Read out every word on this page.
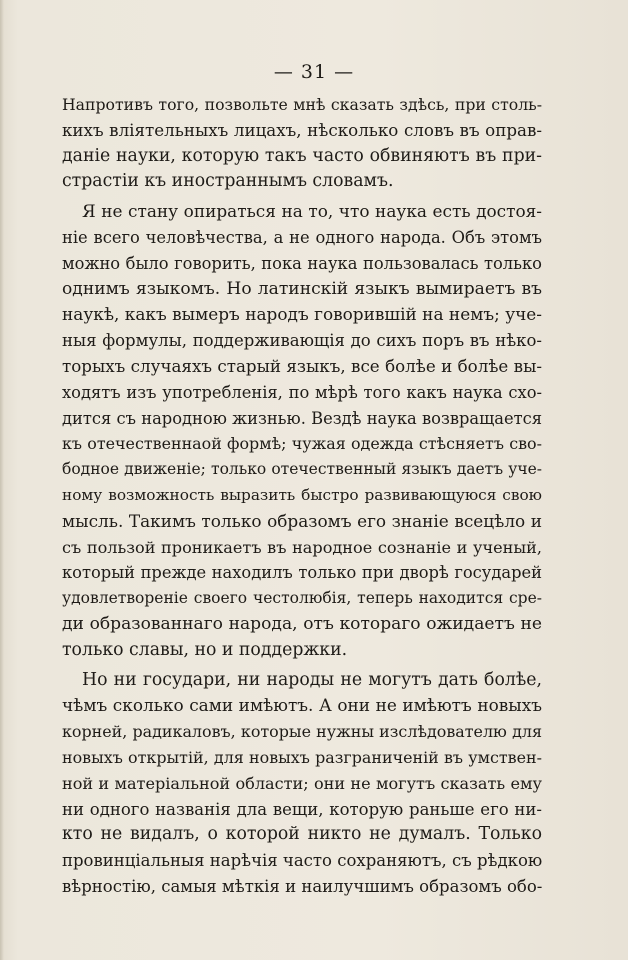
— 31 —
Напротивъ того, позвольте мнѣ сказать здѣсь, при столь-
кихъ вліятельныхъ лицахъ, нѣсколько словъ въ оправ-
даніе науки, которую такъ часто обвиняютъ въ при-
страстіи къ иностраннымъ словамъ.
Я не стану опираться на то, что наука есть достоя-
ніе всего человѣчества, а не одного народа. Объ этомъ
можно было говорить, пока наука пользовалась только
однимъ языкомъ. Но латинскій языкъ вымираетъ въ
наукѣ, какъ вымеръ народъ говорившій на немъ; уче-
ныя формулы, поддерживающія до сихъ поръ въ нѣко-
торыхъ случаяхъ старый языкъ, все болѣе и болѣе вы-
ходятъ изъ употребленія, по мѣрѣ того какъ наука схо-
дится съ народною жизнью. Вездѣ наука возвращается
къ отечественнаой формѣ; чужая одежда стѣсняетъ сво-
бодное движеніе; только отечественный языкъ даетъ уче-
ному возможность выразить быстро развивающуюся свою
мысль. Такимъ только образомъ его знаніе всецѣло и
съ пользой проникаетъ въ народное сознаніе и ученый,
который прежде находилъ только при дворѣ государей
удовлетвореніе своего честолюбія, теперь находится сре-
ди образованнаго народа, отъ котораго ожидаетъ не
только славы, но и поддержки.
Но ни государи, ни народы не могутъ дать болѣе,
чѣмъ сколько сами имѣютъ. А они не имѣютъ новыхъ
корней, радикаловъ, которые нужны изслѣдователю для
новыхъ открытій, для новыхъ разграниченій въ умствен-
ной и матеріальной области; они не могутъ сказать ему
ни одного названія дла вещи, которую раньше его ни-
кто не видалъ, о которой никто не думалъ. Только
провинціальныя нарѣчія часто сохраняютъ, съ рѣдкою
вѣрностію, самыя мѣткія и наилучшимъ образомъ обо-
